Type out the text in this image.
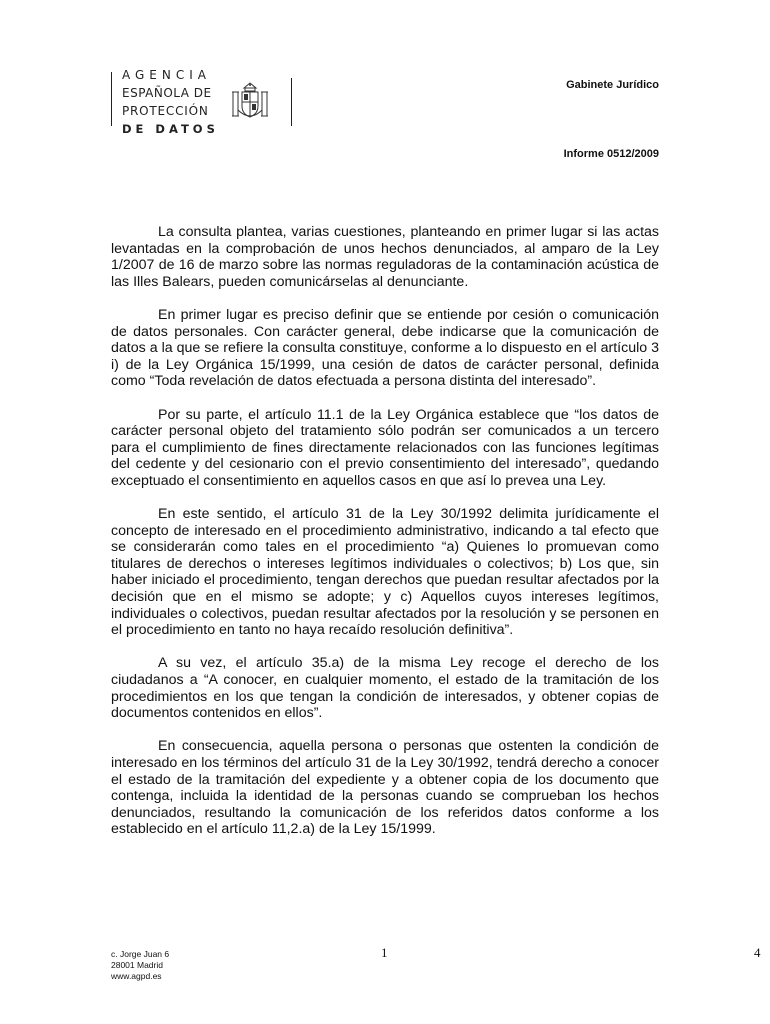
AGENCIA
ESPAÑOLA DE
PROTECCIÓN
DE DATOS
Gabinete Jurídico
Informe 0512/2009

La consulta plantea, varias cuestiones, planteando en primer lugar si las actas levantadas en la comprobación de unos hechos denunciados, al amparo de la Ley 1/2007 de 16 de marzo sobre las normas reguladoras de la contaminación acústica de las Illes Balears, pueden comunicárselas al denunciante.

En primer lugar es preciso definir que se entiende por cesión o comunicación de datos personales. Con carácter general, debe indicarse que la comunicación de datos a la que se refiere la consulta constituye, conforme a lo dispuesto en el artículo 3 i) de la Ley Orgánica 15/1999, una cesión de datos de carácter personal, definida como “Toda revelación de datos efectuada a persona distinta del interesado”.

Por su parte, el artículo 11.1 de la Ley Orgánica establece que “los datos de carácter personal objeto del tratamiento sólo podrán ser comunicados a un tercero para el cumplimiento de fines directamente relacionados con las funciones legítimas del cedente y del cesionario con el previo consentimiento del interesado”, quedando exceptuado el consentimiento en aquellos casos en que así lo prevea una Ley.

En este sentido, el artículo 31 de la Ley 30/1992 delimita jurídicamente el concepto de interesado en el procedimiento administrativo, indicando a tal efecto que se considerarán como tales en el procedimiento “a) Quienes lo promuevan como titulares de derechos o intereses legítimos individuales o colectivos; b) Los que, sin haber iniciado el procedimiento, tengan derechos que puedan resultar afectados por la decisión que en el mismo se adopte; y c) Aquellos cuyos intereses legítimos, individuales o colectivos, puedan resultar afectados por la resolución y se personen en el procedimiento en tanto no haya recaído resolución definitiva”.

A su vez, el artículo 35.a) de la misma Ley recoge el derecho de los ciudadanos a “A conocer, en cualquier momento, el estado de la tramitación de los procedimientos en los que tengan la condición de interesados, y obtener copias de documentos contenidos en ellos”.

En consecuencia, aquella persona o personas que ostenten la condición de interesado en los términos del artículo 31 de la Ley 30/1992, tendrá derecho a conocer el estado de la tramitación del expediente y a obtener copia de los documento que contenga, incluida la identidad de la personas cuando se comprueban los hechos denunciados, resultando la comunicación de los referidos datos conforme a los establecido en el artículo 11,2.a) de la Ley 15/1999.

c. Jorge Juan 6
28001 Madrid
www.agpd.es
1	4
